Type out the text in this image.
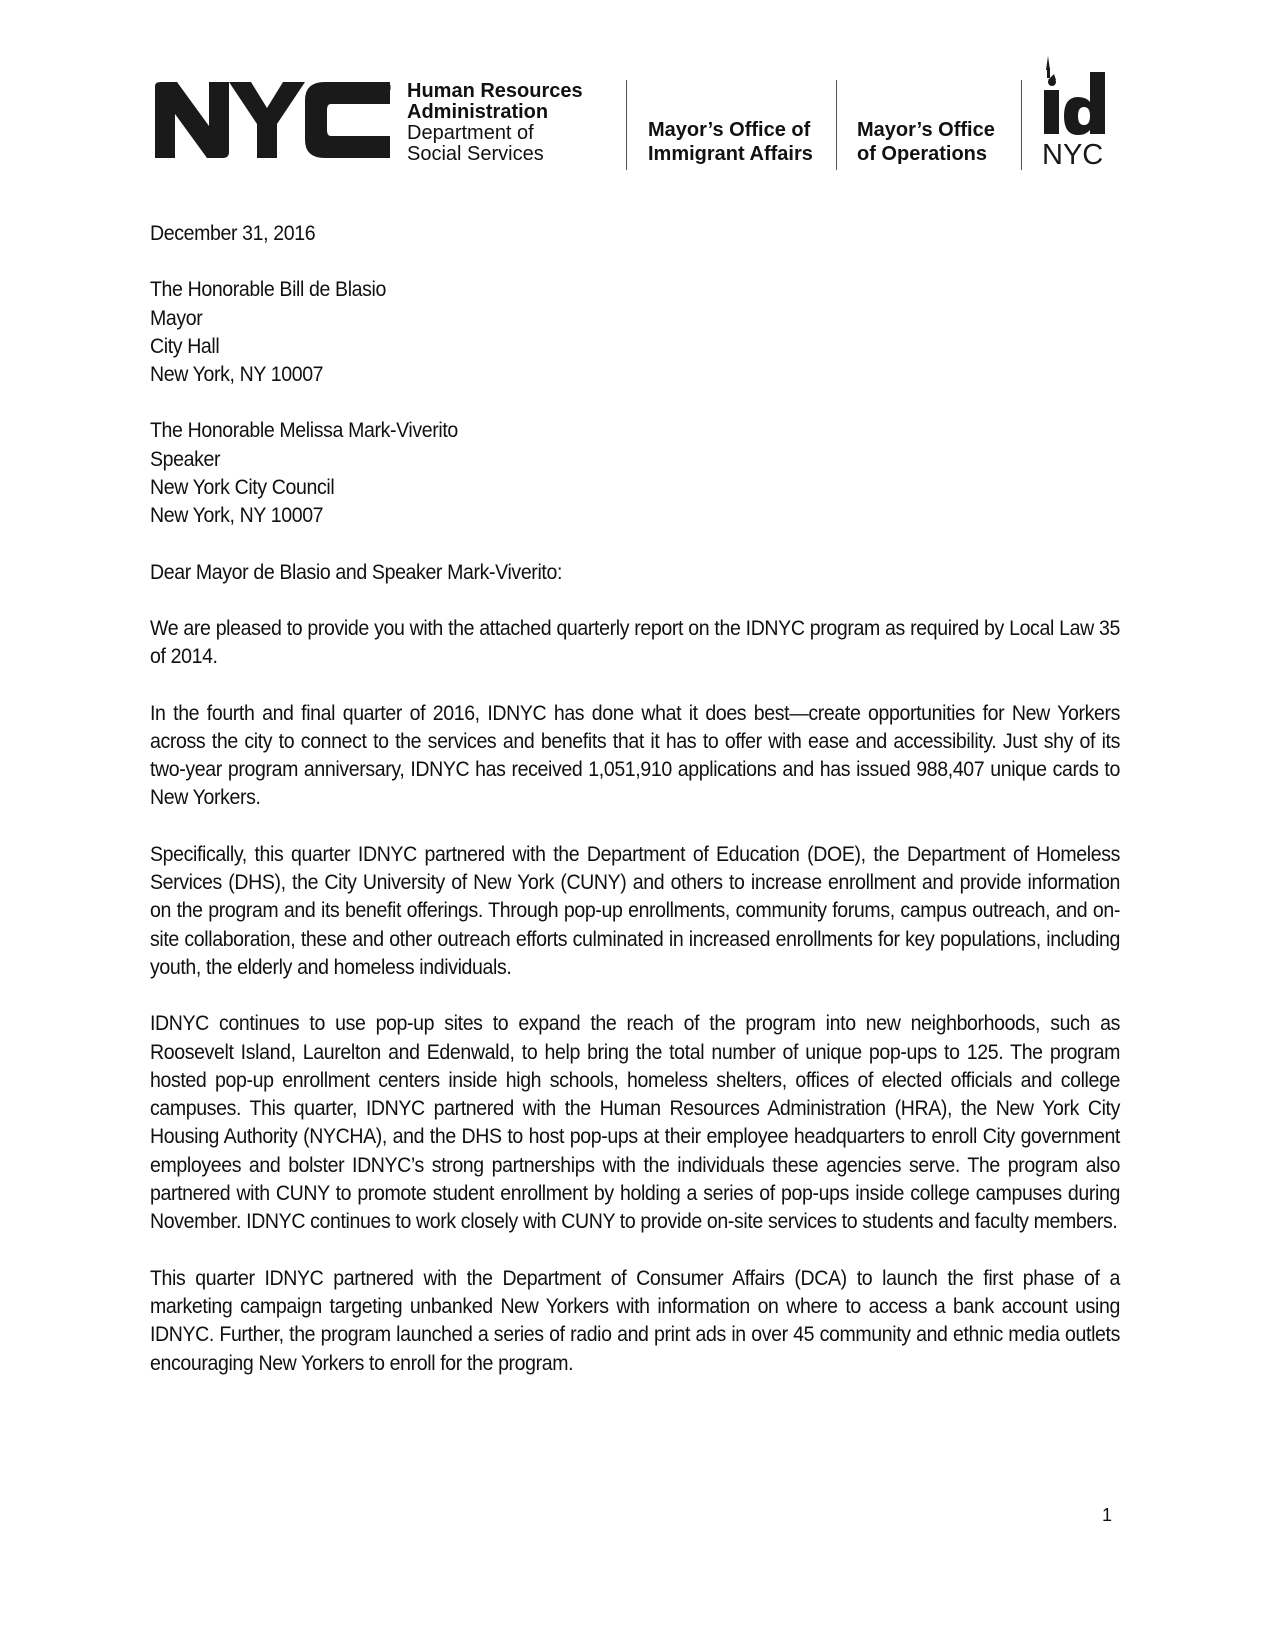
TM Human Resources
Administration
Department of
Social Services
Mayor’s Office of
Immigrant Affairs
Mayor’s Office
of Operations NYC
December 31, 2016
The Honorable Bill de Blasio
Mayor
City Hall
New York, NY 10007
The Honorable Melissa Mark-Viverito
Speaker
New York City Council
New York, NY 10007
Dear Mayor de Blasio and Speaker Mark-Viverito:

We are pleased to provide you with the attached quarterly report on the IDNYC program as required by Local Law 35 of 2014.

In the fourth and final quarter of 2016, IDNYC has done what it does best—create opportunities for New Yorkers across the city to connect to the services and benefits that it has to offer with ease and accessibility. Just shy of its two-year program anniversary, IDNYC has received 1,051,910 applications and has issued 988,407 unique cards to New Yorkers.

Specifically, this quarter IDNYC partnered with the Department of Education (DOE), the Department of Homeless Services (DHS), the City University of New York (CUNY) and others to increase enrollment and provide information on the program and its benefit offerings. Through pop-up enrollments, community forums, campus outreach, and on-site collaboration, these and other outreach efforts culminated in increased enrollments for key populations, including youth, the elderly and homeless individuals.

IDNYC continues to use pop-up sites to expand the reach of the program into new neighborhoods, such as Roosevelt Island, Laurelton and Edenwald, to help bring the total number of unique pop-ups to 125. The program hosted pop-up enrollment centers inside high schools, homeless shelters, offices of elected officials and college campuses. This quarter, IDNYC partnered with the Human Resources Administration (HRA), the New York City Housing Authority (NYCHA), and the DHS to host pop-ups at their employee headquarters to enroll City government employees and bolster IDNYC’s strong partnerships with the individuals these agencies serve. The program also partnered with CUNY to promote student enrollment by holding a series of pop-ups inside college campuses during November. IDNYC continues to work closely with CUNY to provide on-site services to students and faculty members.

This quarter IDNYC partnered with the Department of Consumer Affairs (DCA) to launch the first phase of a marketing campaign targeting unbanked New Yorkers with information on where to access a bank account using IDNYC. Further, the program launched a series of radio and print ads in over 45 community and ethnic media outlets encouraging New Yorkers to enroll for the program.

1
